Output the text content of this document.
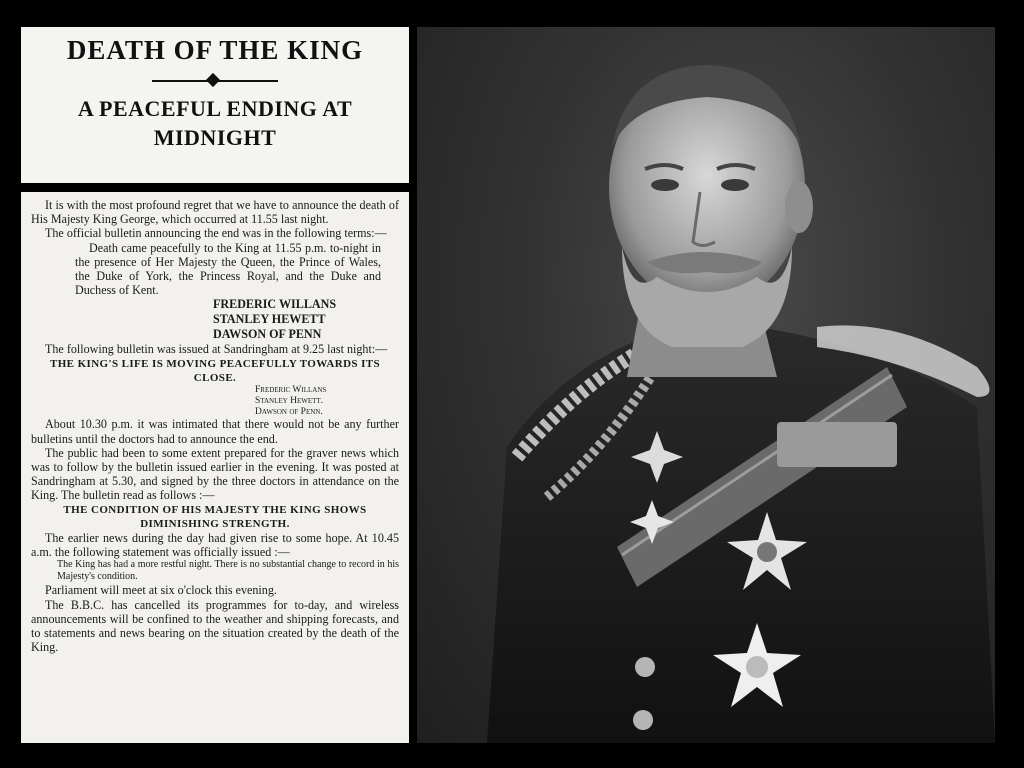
DEATH OF THE KING

A PEACEFUL ENDING AT

MIDNIGHT

It is with the most profound regret that we have to announce the death of His Majesty King George, which occurred at 11.55 last night.

The official bulletin announcing the end was in the following terms:—

Death came peacefully to the King at 11.55 p.m. to-night in the presence of Her Majesty the Queen, the Prince of Wales, the Duke of York, the Princess Royal, and the Duke and Duchess of Kent.

FREDERIC WILLANS

STANLEY HEWETT

DAWSON OF PENN

The following bulletin was issued at Sandringham at 9.25 last night:—

THE KING'S LIFE IS MOVING PEACEFULLY TOWARDS ITS CLOSE.

Frederic Willans

Stanley Hewett.

Dawson of Penn.

About 10.30 p.m. it was intimated that there would not be any further bulletins until the doctors had to announce the end.

The public had been to some extent prepared for the graver news which was to follow by the bulletin issued earlier in the evening. It was posted at Sandringham at 5.30, and signed by the three doctors in attendance on the King. The bulletin read as follows :—

THE CONDITION OF HIS MAJESTY THE KING SHOWS DIMINISHING STRENGTH.

The earlier news during the day had given rise to some hope. At 10.45 a.m. the following statement was officially issued :—

The King has had a more restful night. There is no substantial change to record in his Majesty's condition.

Parliament will meet at six o'clock this evening.

The B.B.C. has cancelled its programmes for to-day, and wireless announcements will be confined to the weather and shipping forecasts, and to statements and news bearing on the situation created by the death of the King.
